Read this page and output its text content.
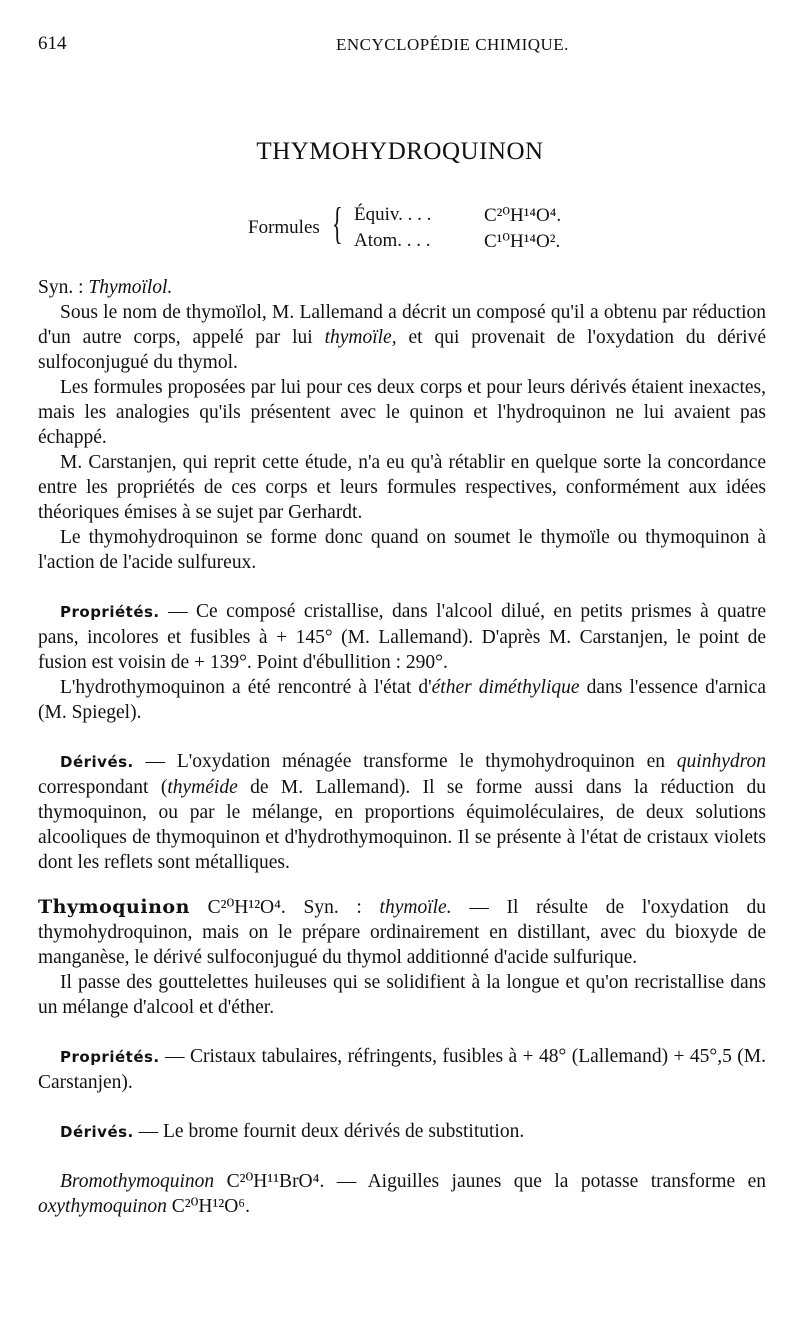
614	ENCYCLOPÉDIE CHIMIQUE.
THYMOHYDROQUINON
Formules { Équiv. . . .	C²⁰H¹⁴O⁴.
Atom. . . .	C¹⁰H¹⁴O².

Syn. : Thymoïlol.

Sous le nom de thymoïlol, M. Lallemand a décrit un composé qu'il a obtenu par réduction d'un autre corps, appelé par lui thymoïle, et qui provenait de l'oxydation du dérivé sulfoconjugué du thymol.

Les formules proposées par lui pour ces deux corps et pour leurs dérivés étaient inexactes, mais les analogies qu'ils présentent avec le quinon et l'hydroquinon ne lui avaient pas échappé.

M. Carstanjen, qui reprit cette étude, n'a eu qu'à rétablir en quelque sorte la concordance entre les propriétés de ces corps et leurs formules respectives, conformément aux idées théoriques émises à se sujet par Gerhardt.

Le thymohydroquinon se forme donc quand on soumet le thymoïle ou thymoquinon à l'action de l'acide sulfureux.

Propriétés. — Ce composé cristallise, dans l'alcool dilué, en petits prismes à quatre pans, incolores et fusibles à + 145° (M. Lallemand). D'après M. Carstanjen, le point de fusion est voisin de + 139°. Point d'ébullition : 290°.

L'hydrothymoquinon a été rencontré à l'état d'éther diméthylique dans l'essence d'arnica (M. Spiegel).

Dérivés. — L'oxydation ménagée transforme le thymohydroquinon en quinhydron correspondant (thyméide de M. Lallemand). Il se forme aussi dans la réduction du thymoquinon, ou par le mélange, en proportions équimoléculaires, de deux solutions alcooliques de thymoquinon et d'hydrothymoquinon. Il se présente à l'état de cristaux violets dont les reflets sont métalliques.

Thymoquinon C²⁰H¹²O⁴. Syn. : thymoïle. — Il résulte de l'oxydation du thymohydroquinon, mais on le prépare ordinairement en distillant, avec du bioxyde de manganèse, le dérivé sulfoconjugué du thymol additionné d'acide sulfurique.

Il passe des gouttelettes huileuses qui se solidifient à la longue et qu'on recristallise dans un mélange d'alcool et d'éther.

Propriétés. — Cristaux tabulaires, réfringents, fusibles à + 48° (Lallemand) + 45°,5 (M. Carstanjen).

Dérivés. — Le brome fournit deux dérivés de substitution.

Bromothymoquinon C²⁰H¹¹BrO⁴. — Aiguilles jaunes que la potasse transforme en oxythymoquinon C²⁰H¹²O⁶.
